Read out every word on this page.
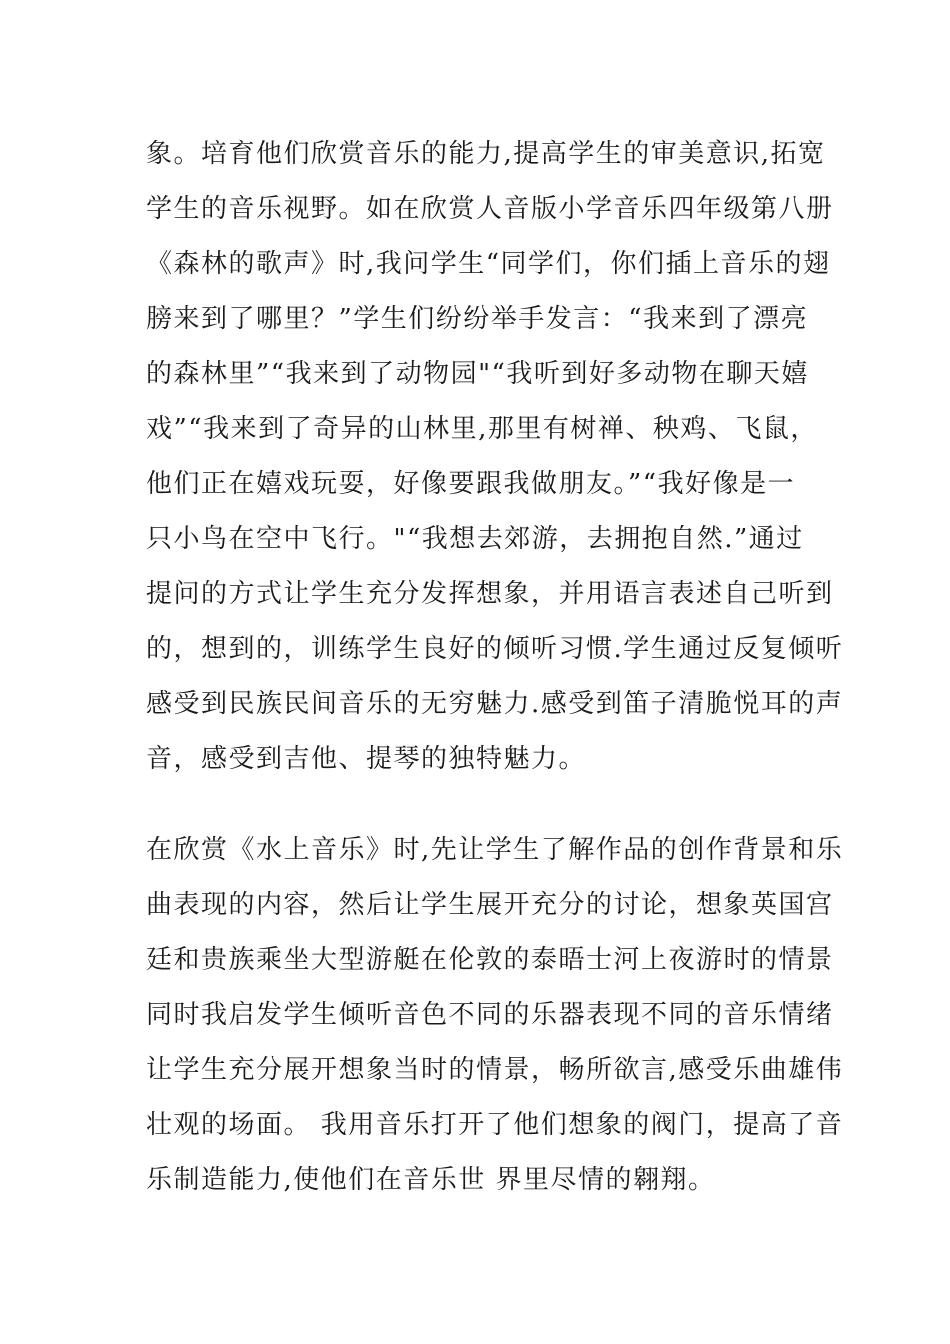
象。培育他们欣赏音乐的能力,提高学生的审美意识,拓宽
学生的音乐视野。如在欣赏人音版小学音乐四年级第八册
《森林的歌声》时,我问学生“同学们，你们插上音乐的翅
膀来到了哪里？”学生们纷纷举手发言：“我来到了漂亮
的森林里”“我来到了动物园"“我听到好多动物在聊天嬉
戏”“我来到了奇异的山林里,那里有树禅、秧鸡、飞鼠，
他们正在嬉戏玩耍，好像要跟我做朋友。”“我好像是一
只小鸟在空中飞行。"“我想去郊游，去拥抱自然.”通过
提问的方式让学生充分发挥想象，并用语言表述自己听到
的，想到的，训练学生良好的倾听习惯.学生通过反复倾听
感受到民族民间音乐的无穷魅力.感受到笛子清脆悦耳的声
音，感受到吉他、提琴的独特魅力。
在欣赏《水上音乐》时,先让学生了解作品的创作背景和乐
曲表现的内容，然后让学生展开充分的讨论，想象英国宫
廷和贵族乘坐大型游艇在伦敦的泰晤士河上夜游时的情景
同时我启发学生倾听音色不同的乐器表现不同的音乐情绪
让学生充分展开想象当时的情景，畅所欲言,感受乐曲雄伟
壮观的场面。 我用音乐打开了他们想象的阀门，提高了音
乐制造能力,使他们在音乐世 界里尽情的翱翔。
